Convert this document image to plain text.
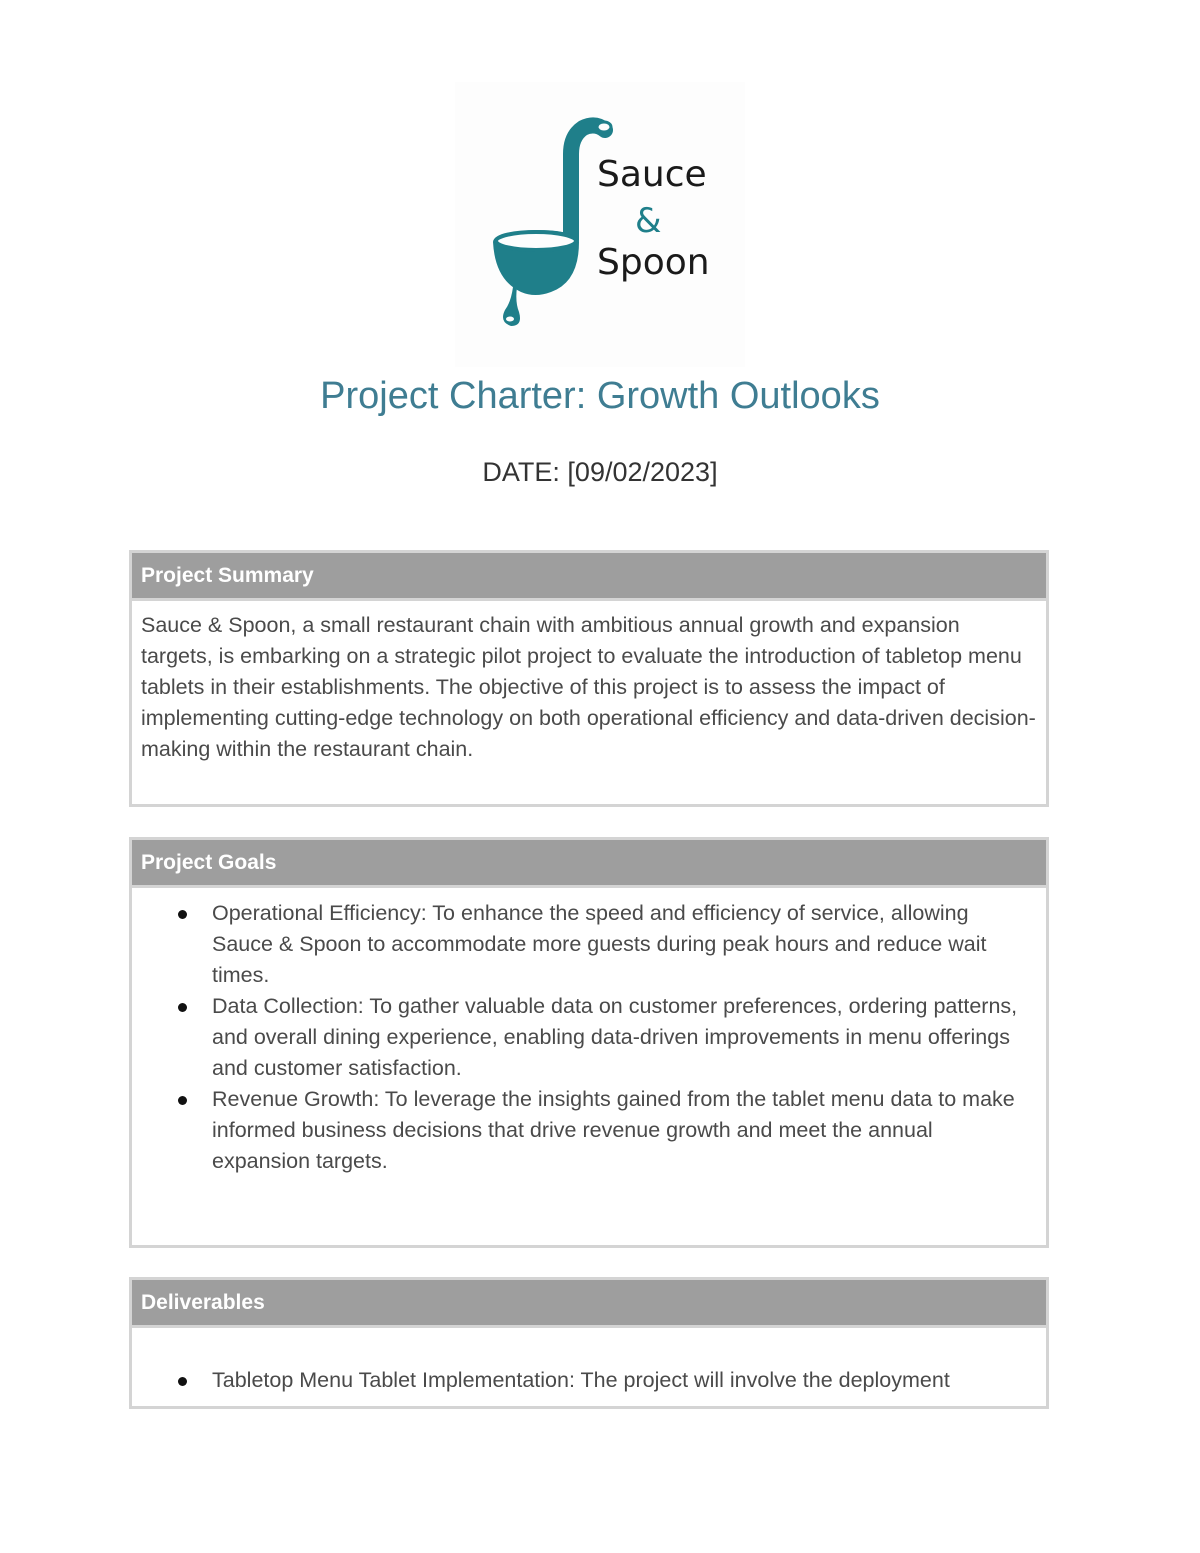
Sauce
&
Spoon
Project Charter: Growth Outlooks
DATE: [09/02/2023]
Project Summary
Sauce & Spoon, a small restaurant chain with ambitious annual growth and expansion targets, is embarking on a strategic pilot project to evaluate the introduction of tabletop menu tablets in their establishments. The objective of this project is to assess the impact of implementing cutting-edge technology on both operational efficiency and data-driven decision-making within the restaurant chain.
Project Goals
Operational Efficiency: To enhance the speed and efficiency of service, allowing Sauce & Spoon to accommodate more guests during peak hours and reduce wait times.
Data Collection: To gather valuable data on customer preferences, ordering patterns, and overall dining experience, enabling data-driven improvements in menu offerings and customer satisfaction.
Revenue Growth: To leverage the insights gained from the tablet menu data to make informed business decisions that drive revenue growth and meet the annual expansion targets.
Deliverables
Tabletop Menu Tablet Implementation: The project will involve the deployment
